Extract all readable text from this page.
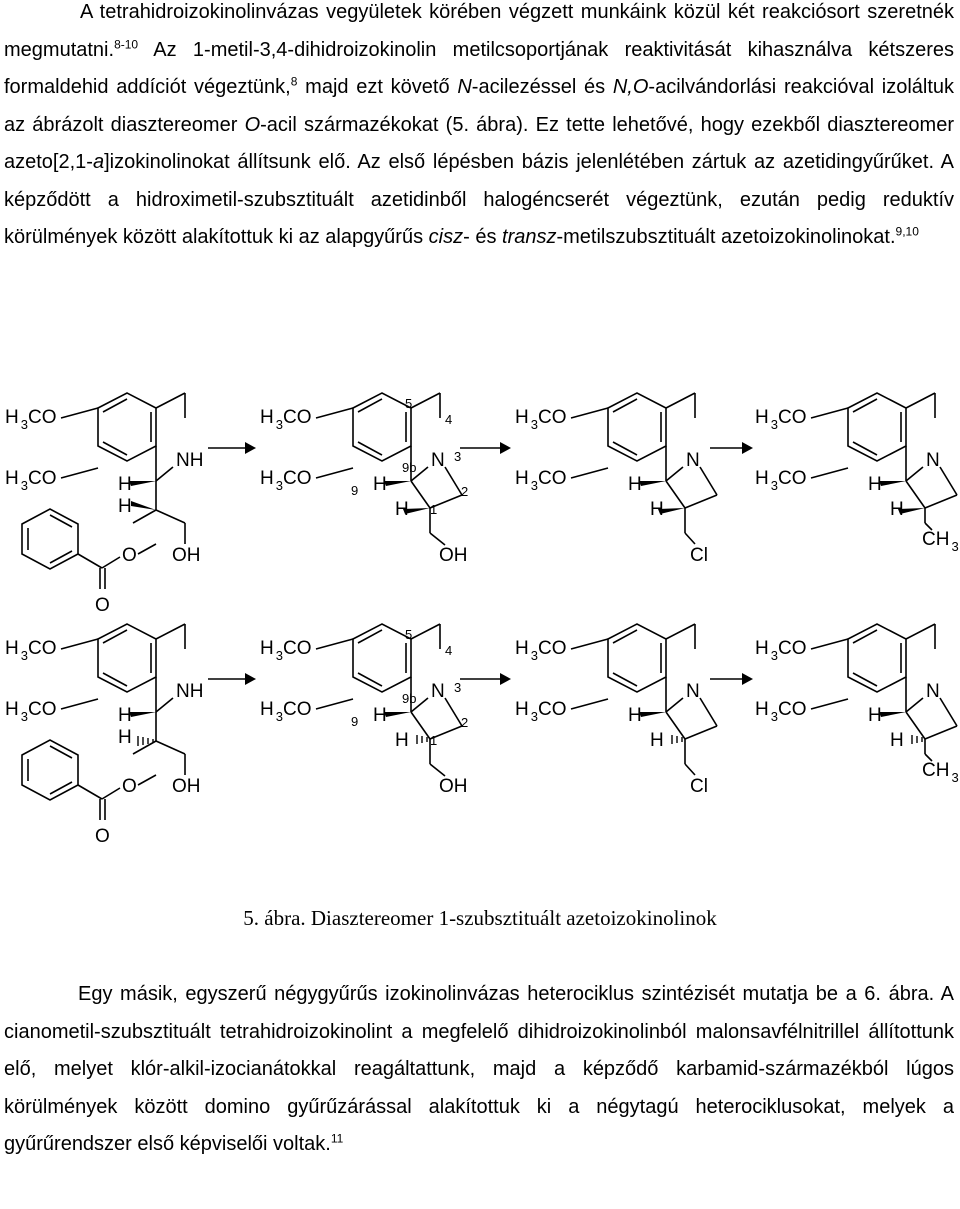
A tetrahidroizokinolinvázas vegyületek körében végzett munkáink közül két reakciósort szeretnék megmutatni.$^{8-10}$ Az 1-metil-3,4-dihidroizokinolin metilcsoportjának reaktivitását kihasználva kétszeres formaldehid addíciót végeztünk,$^8$ majd ezt követő N-acilezéssel és N,O-acilvándorlási reakcióval izoláltuk az ábrázolt diasztereomer O-acil származékokat (5. ábra). Ez tette lehetővé, hogy ezekből diasztereomer azeto[2,1-a]izokinolinokat állítsunk elő. Az első lépésben bázis jelenlétében zártuk az azetidingyűrűket. A képződött a hidroximetil-szubsztituált azetidinből halogéncserét végeztünk, ezután pedig reduktív körülmények között alakítottuk ki az alapgyűrűs cisz- és transz-metilszubsztituált azetoizokinolinokat.$^{9,10}$

NH
H
H
N
H
H
OH
5
4
3
2
1
9b
9
N
H
H
Cl
N
H
H
CH $_3$
NH
H
H
N
H
H
OH
5
4
3
2
1
9b
9
N
H
H
Cl
N
H
H
CH $_3$
5. ábra. Diasztereomer 1-szubsztituált azetoizokinolinok

Egy másik, egyszerű négygyűrűs izokinolinvázas heterociklus szintézisét mutatja be a 6. ábra. A cianometil-szubsztituált tetrahidroizokinolint a megfelelő dihidroizokinolinból malonsavfélnitrillel állítottunk elő, melyet klór-alkil-izocianátokkal reagáltattunk, majd a képződő karbamid-származékból lúgos körülmények között domino gyűrűzárással alakítottuk ki a négytagú heterociklusokat, melyek a gyűrűrendszer első képviselői voltak.$^{11}$
